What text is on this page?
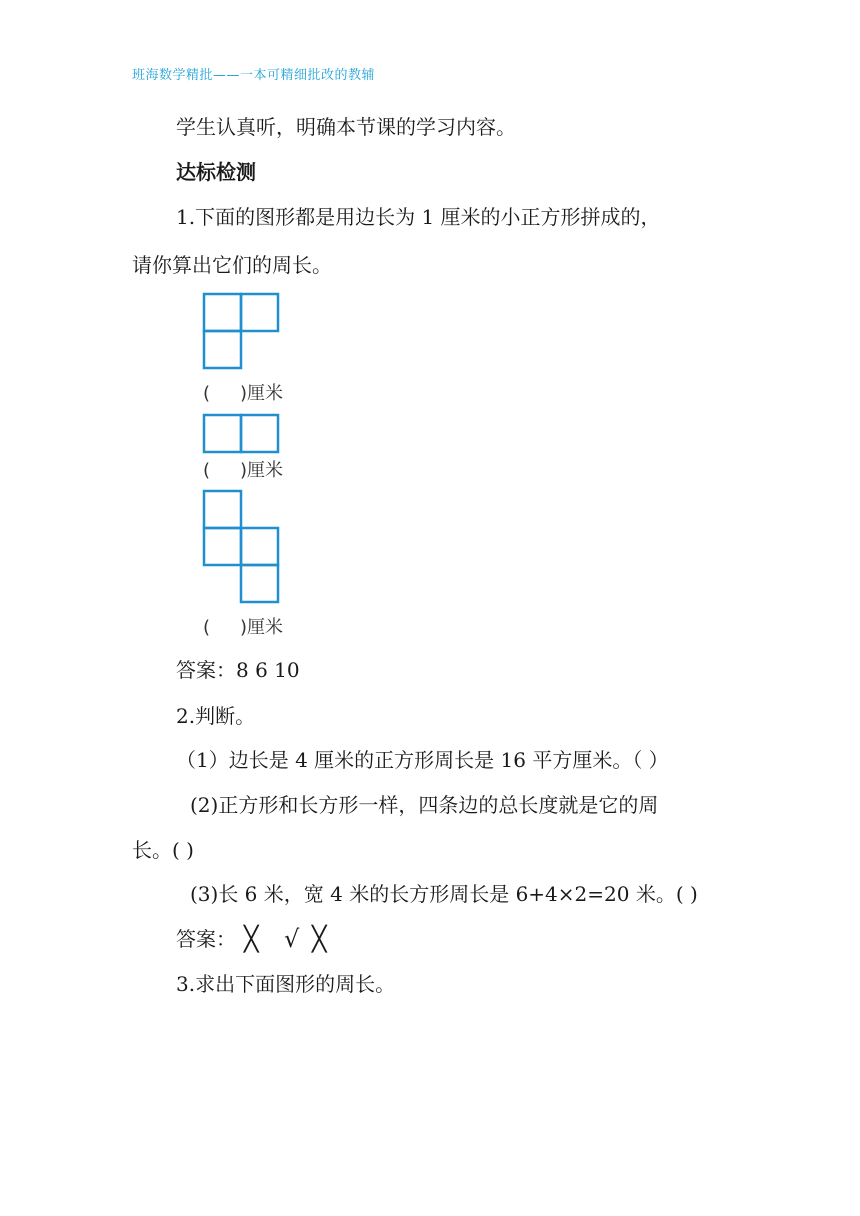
班海数学精批——一本可精细批改的教辅
学生认真听，明确本节课的学习内容。
达标检测
1.下面的图形都是用边长为 1 厘米的小正方形拼成的，
请你算出它们的周长。
( )厘米
( )厘米
( )厘米
答案：8 6 10
2.判断。
（1）边长是 4 厘米的正方形周长是 16 平方厘米。（ ）
(2)正方形和长方形一样，四条边的总长度就是它的周
长。( )
(3)长 6 米，宽 4 米的长方形周长是 6+4×2=20 米。( )
答案： ╳ √ ╳
3.求出下面图形的周长。
